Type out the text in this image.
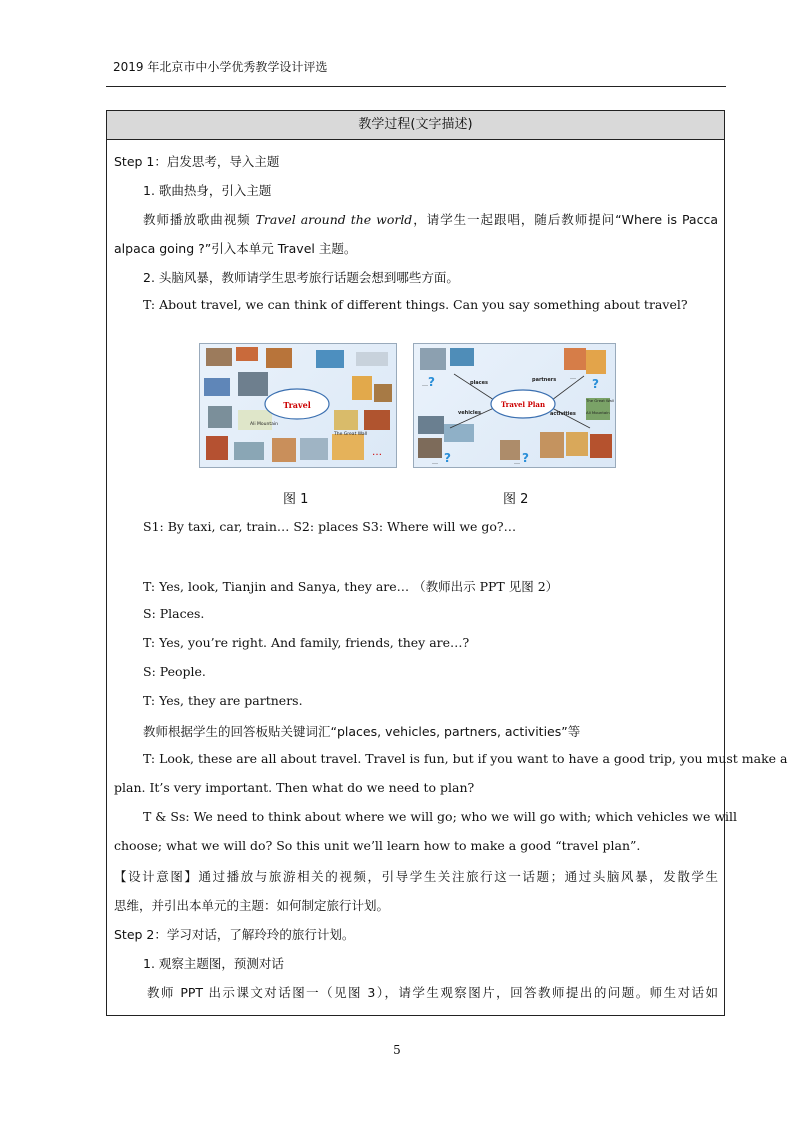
2019 年北京市中小学优秀教学设计评选
教学过程(文字描述)
Step 1：启发思考，导入主题
1. 歌曲热身，引入主题
教师播放歌曲视频 Travel around the world，请学生一起跟唱，随后教师提问“Where is Pacca
alpaca going ?”引入本单元 Travel 主题。
2. 头脑风暴，教师请学生思考旅行话题会想到哪些方面。
T: About travel, we can think of different things. Can you say something about travel?
Travel
Ali Mountain
The Great Wall
…
Travel Plan
places	partners
vehicles	activities
The Great Wall
Ali Mountain
… ?	?
?	?
…	…
…
图 1	图 2
S1: By taxi, car, train… S2: places S3: Where will we go?…
T: Yes, look, Tianjin and Sanya, they are… （教师出示 PPT 见图 2）
S: Places.
T: Yes, you’re right. And family, friends, they are…?
S: People.
T: Yes, they are partners.
教师根据学生的回答板贴关键词汇“places, vehicles, partners, activities”等
T: Look, these are all about travel. Travel is fun, but if you want to have a good trip, you must make a
plan. It’s very important. Then what do we need to plan?
T & Ss: We need to think about where we will go; who we will go with; which vehicles we will
choose; what we will do? So this unit we’ll learn how to make a good “travel plan”.
【设计意图】通过播放与旅游相关的视频，引导学生关注旅行这一话题；通过头脑风暴，发散学生
思维，并引出本单元的主题：如何制定旅行计划。
Step 2：学习对话，了解玲玲的旅行计划。
1. 观察主题图，预测对话
教师 PPT 出示课文对话图一（见图 3），请学生观察图片，回答教师提出的问题。师生对话如
5
